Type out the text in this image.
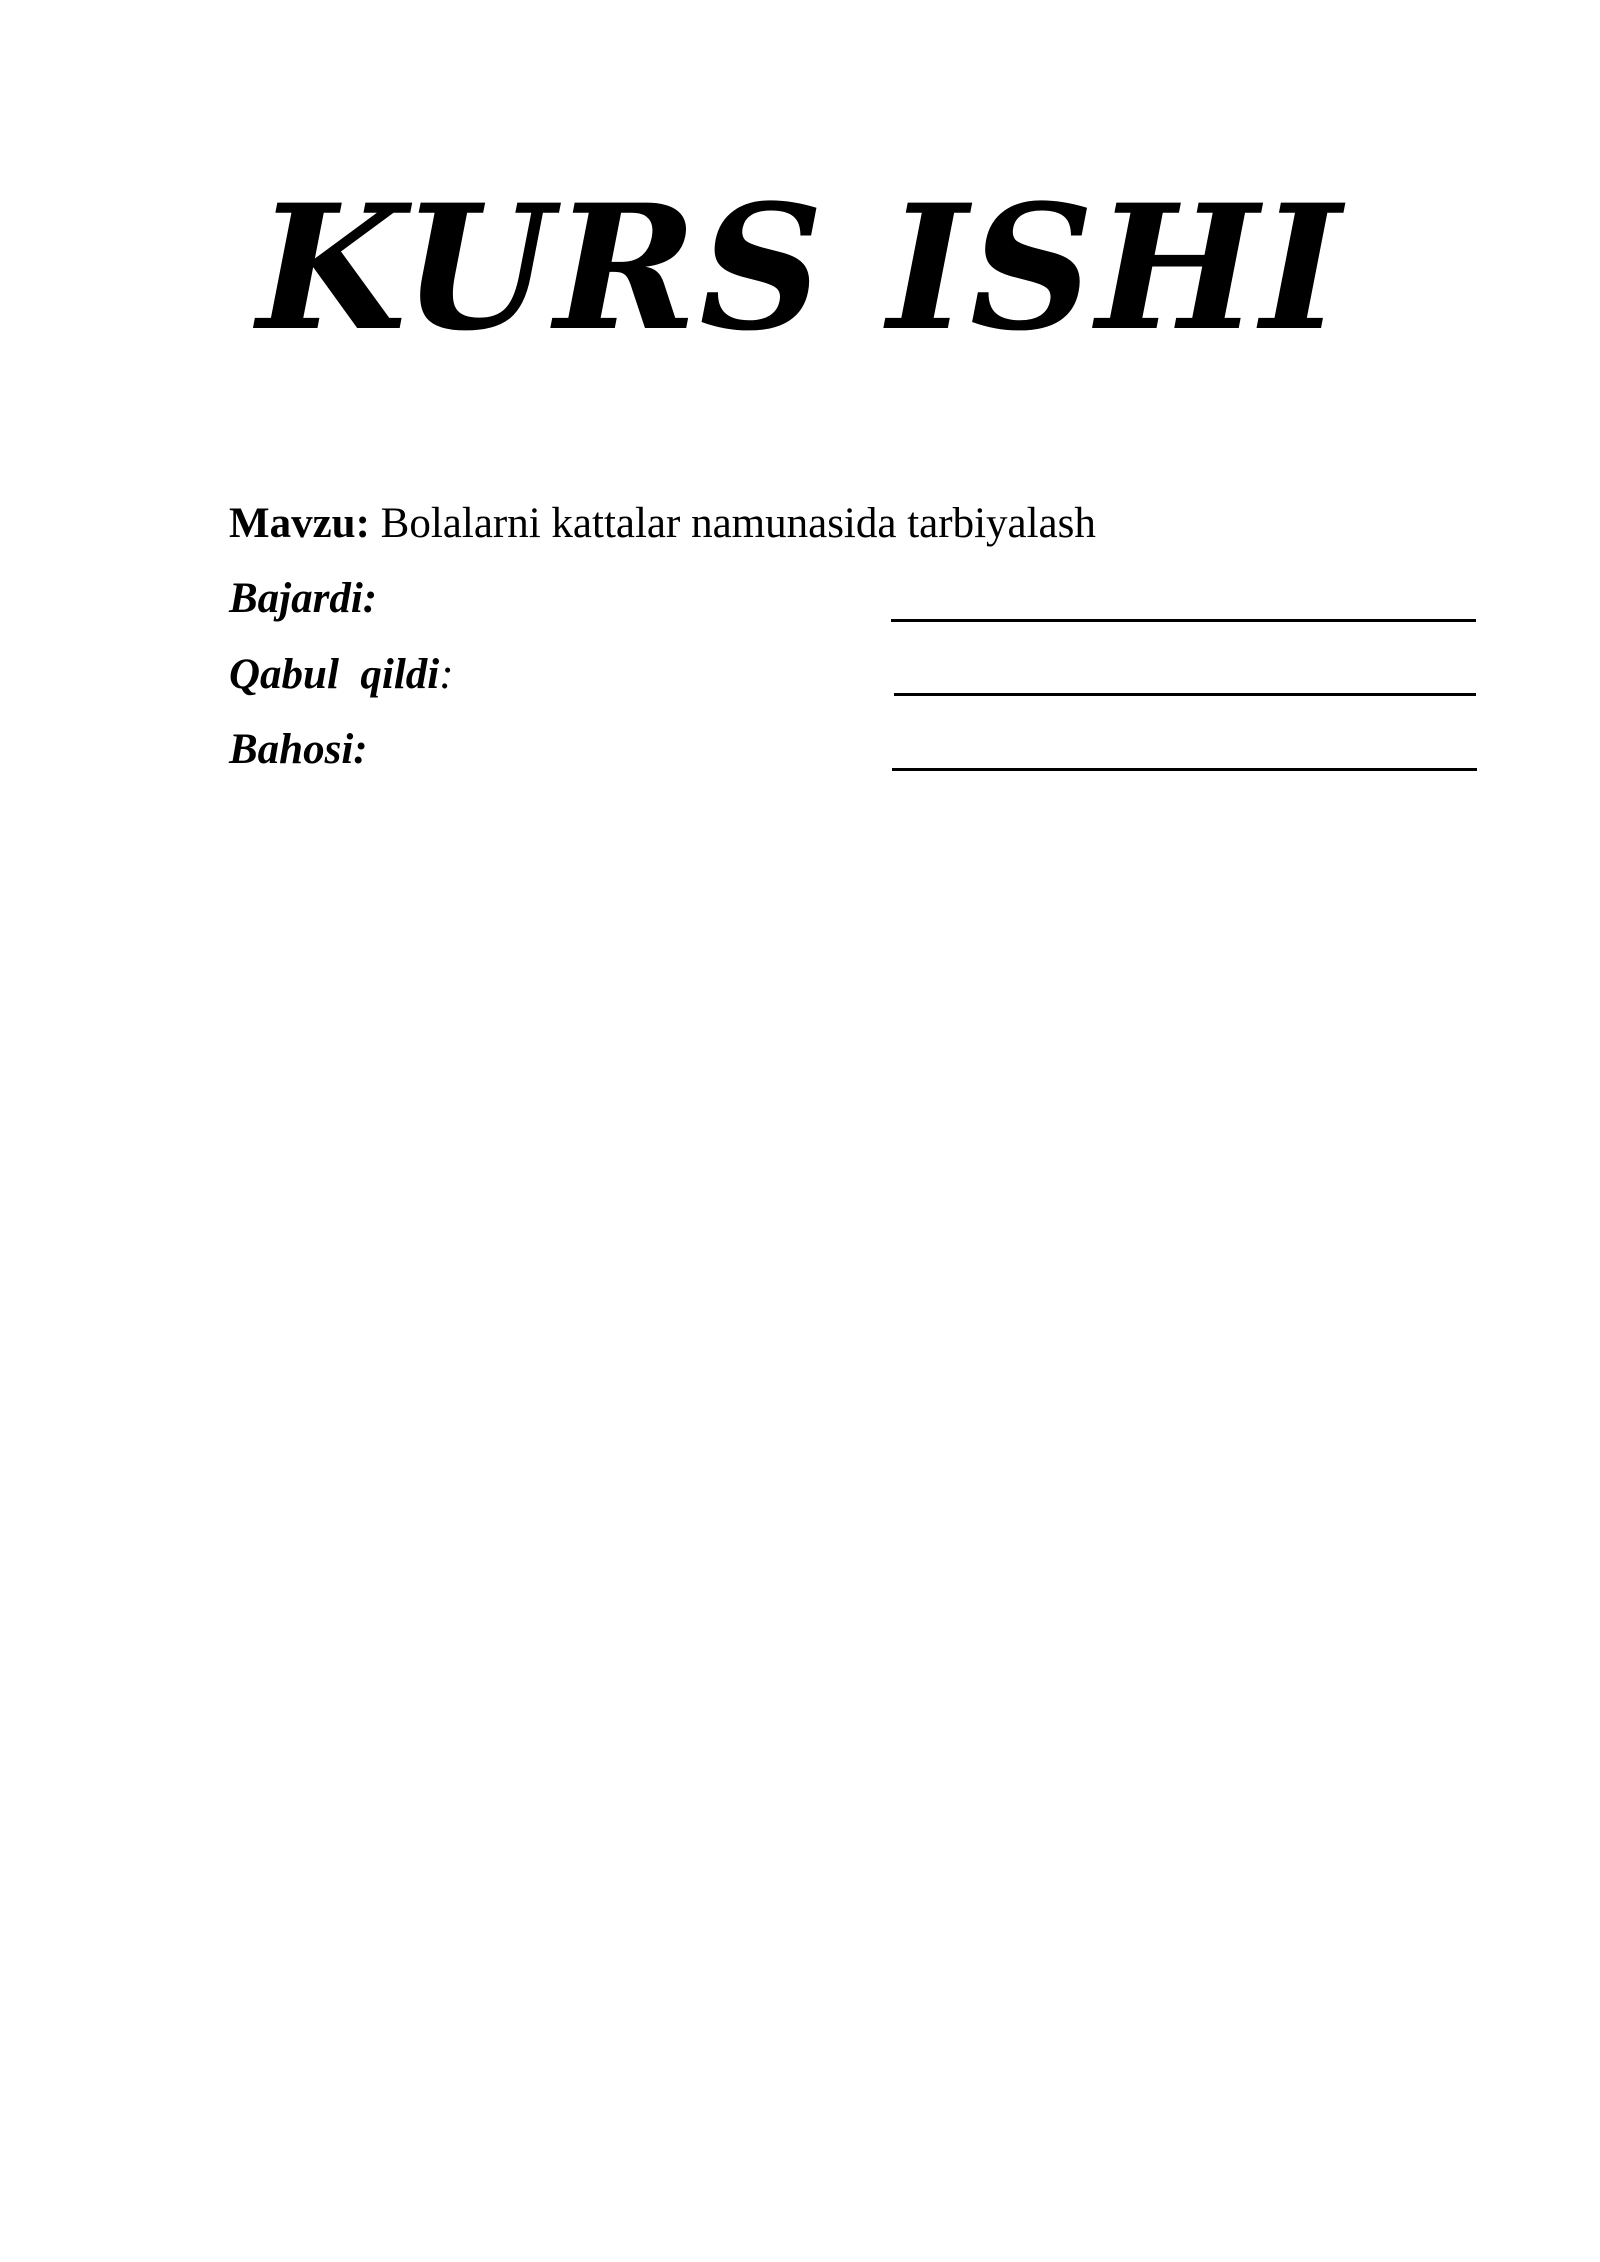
KURS ISHI
Mavzu: Bolalarni kattalar namunasida tarbiyalash
Bajardi:
Qabul  qildi:
Bahosi:
